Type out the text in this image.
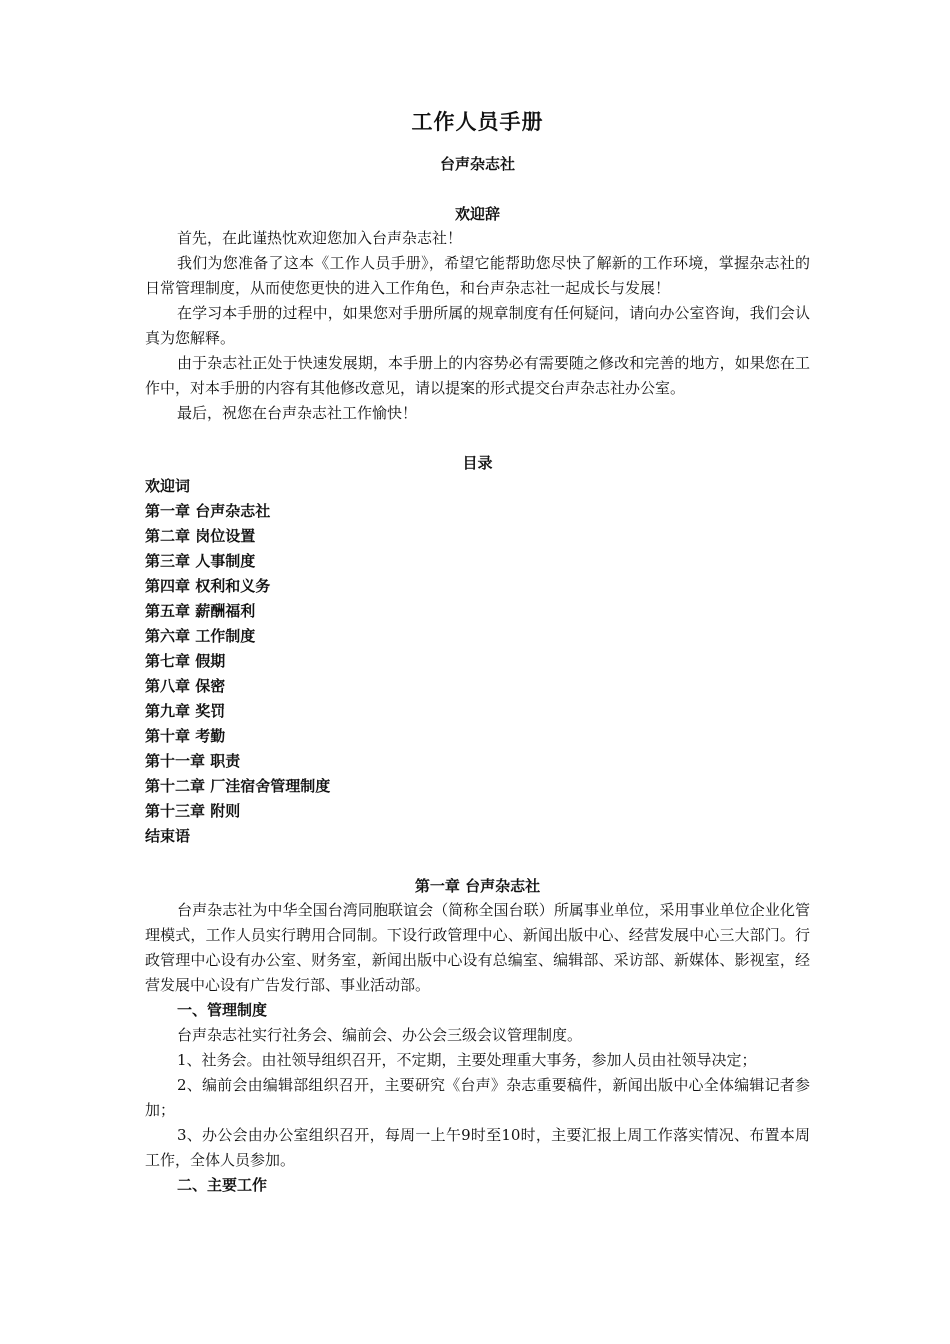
工作人员手册
台声杂志社
欢迎辞

首先，在此谨热忱欢迎您加入台声杂志社！

我们为您准备了这本《工作人员手册》，希望它能帮助您尽快了解新的工作环境，掌握杂志社的日常管理制度，从而使您更快的进入工作角色，和台声杂志社一起成长与发展！

在学习本手册的过程中，如果您对手册所属的规章制度有任何疑问，请向办公室咨询，我们会认真为您解释。

由于杂志社正处于快速发展期，本手册上的内容势必有需要随之修改和完善的地方，如果您在工作中，对本手册的内容有其他修改意见，请以提案的形式提交台声杂志社办公室。

最后，祝您在台声杂志社工作愉快！

目录
欢迎词
第一章 台声杂志社
第二章 岗位设置
第三章 人事制度
第四章 权利和义务
第五章 薪酬福利
第六章 工作制度
第七章 假期
第八章 保密
第九章 奖罚
第十章 考勤
第十一章 职责
第十二章 厂洼宿舍管理制度
第十三章 附则
结束语
第一章 台声杂志社

台声杂志社为中华全国台湾同胞联谊会（简称全国台联）所属事业单位，采用事业单位企业化管理模式，工作人员实行聘用合同制。下设行政管理中心、新闻出版中心、经营发展中心三大部门。行政管理中心设有办公室、财务室，新闻出版中心设有总编室、编辑部、采访部、新媒体、影视室，经营发展中心设有广告发行部、事业活动部。

一、管理制度

台声杂志社实行社务会、编前会、办公会三级会议管理制度。

1、社务会。由社领导组织召开，不定期，主要处理重大事务，参加人员由社领导决定；

2、编前会由编辑部组织召开，主要研究《台声》杂志重要稿件，新闻出版中心全体编辑记者参加；

3、办公会由办公室组织召开，每周一上午9时至10时，主要汇报上周工作落实情况、布置本周工作，全体人员参加。

二、主要工作
